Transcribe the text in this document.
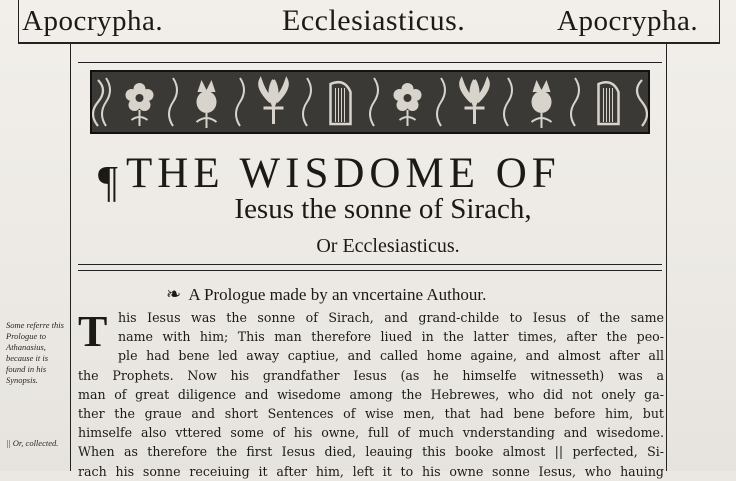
Apocrypha.	Ecclesiasticus.	Apocrypha.
¶ THE WISDOME OF
Iesus the sonne of Sirach,
Or Ecclesiasticus.
❧ A Prologue made by an vncertaine Authour.
Some referre this Prologue to Athanasius, because it is found in his Synopsis.
|| Or, collected.
T his Iesus was the sonne of Sirach, and grand-childe to Iesus of the same
name with him; This man therefore liued in the latter times, after the peo-
ple had bene led away captiue, and called home againe, and almost after all
the Prophets. Now his grandfather Iesus (as he himselfe witnesseth) was a
man of great diligence and wisedome among the Hebrewes, who did not onely ga-
ther the graue and short Sentences of wise men, that had bene before him, but
himselfe also vttered some of his owne, full of much vnderstanding and wisedome.
When as therefore the first Iesus died, leauing this booke almost || perfected, Si-
rach his sonne receiuing it after him, left it to his owne sonne Iesus, who hauing
